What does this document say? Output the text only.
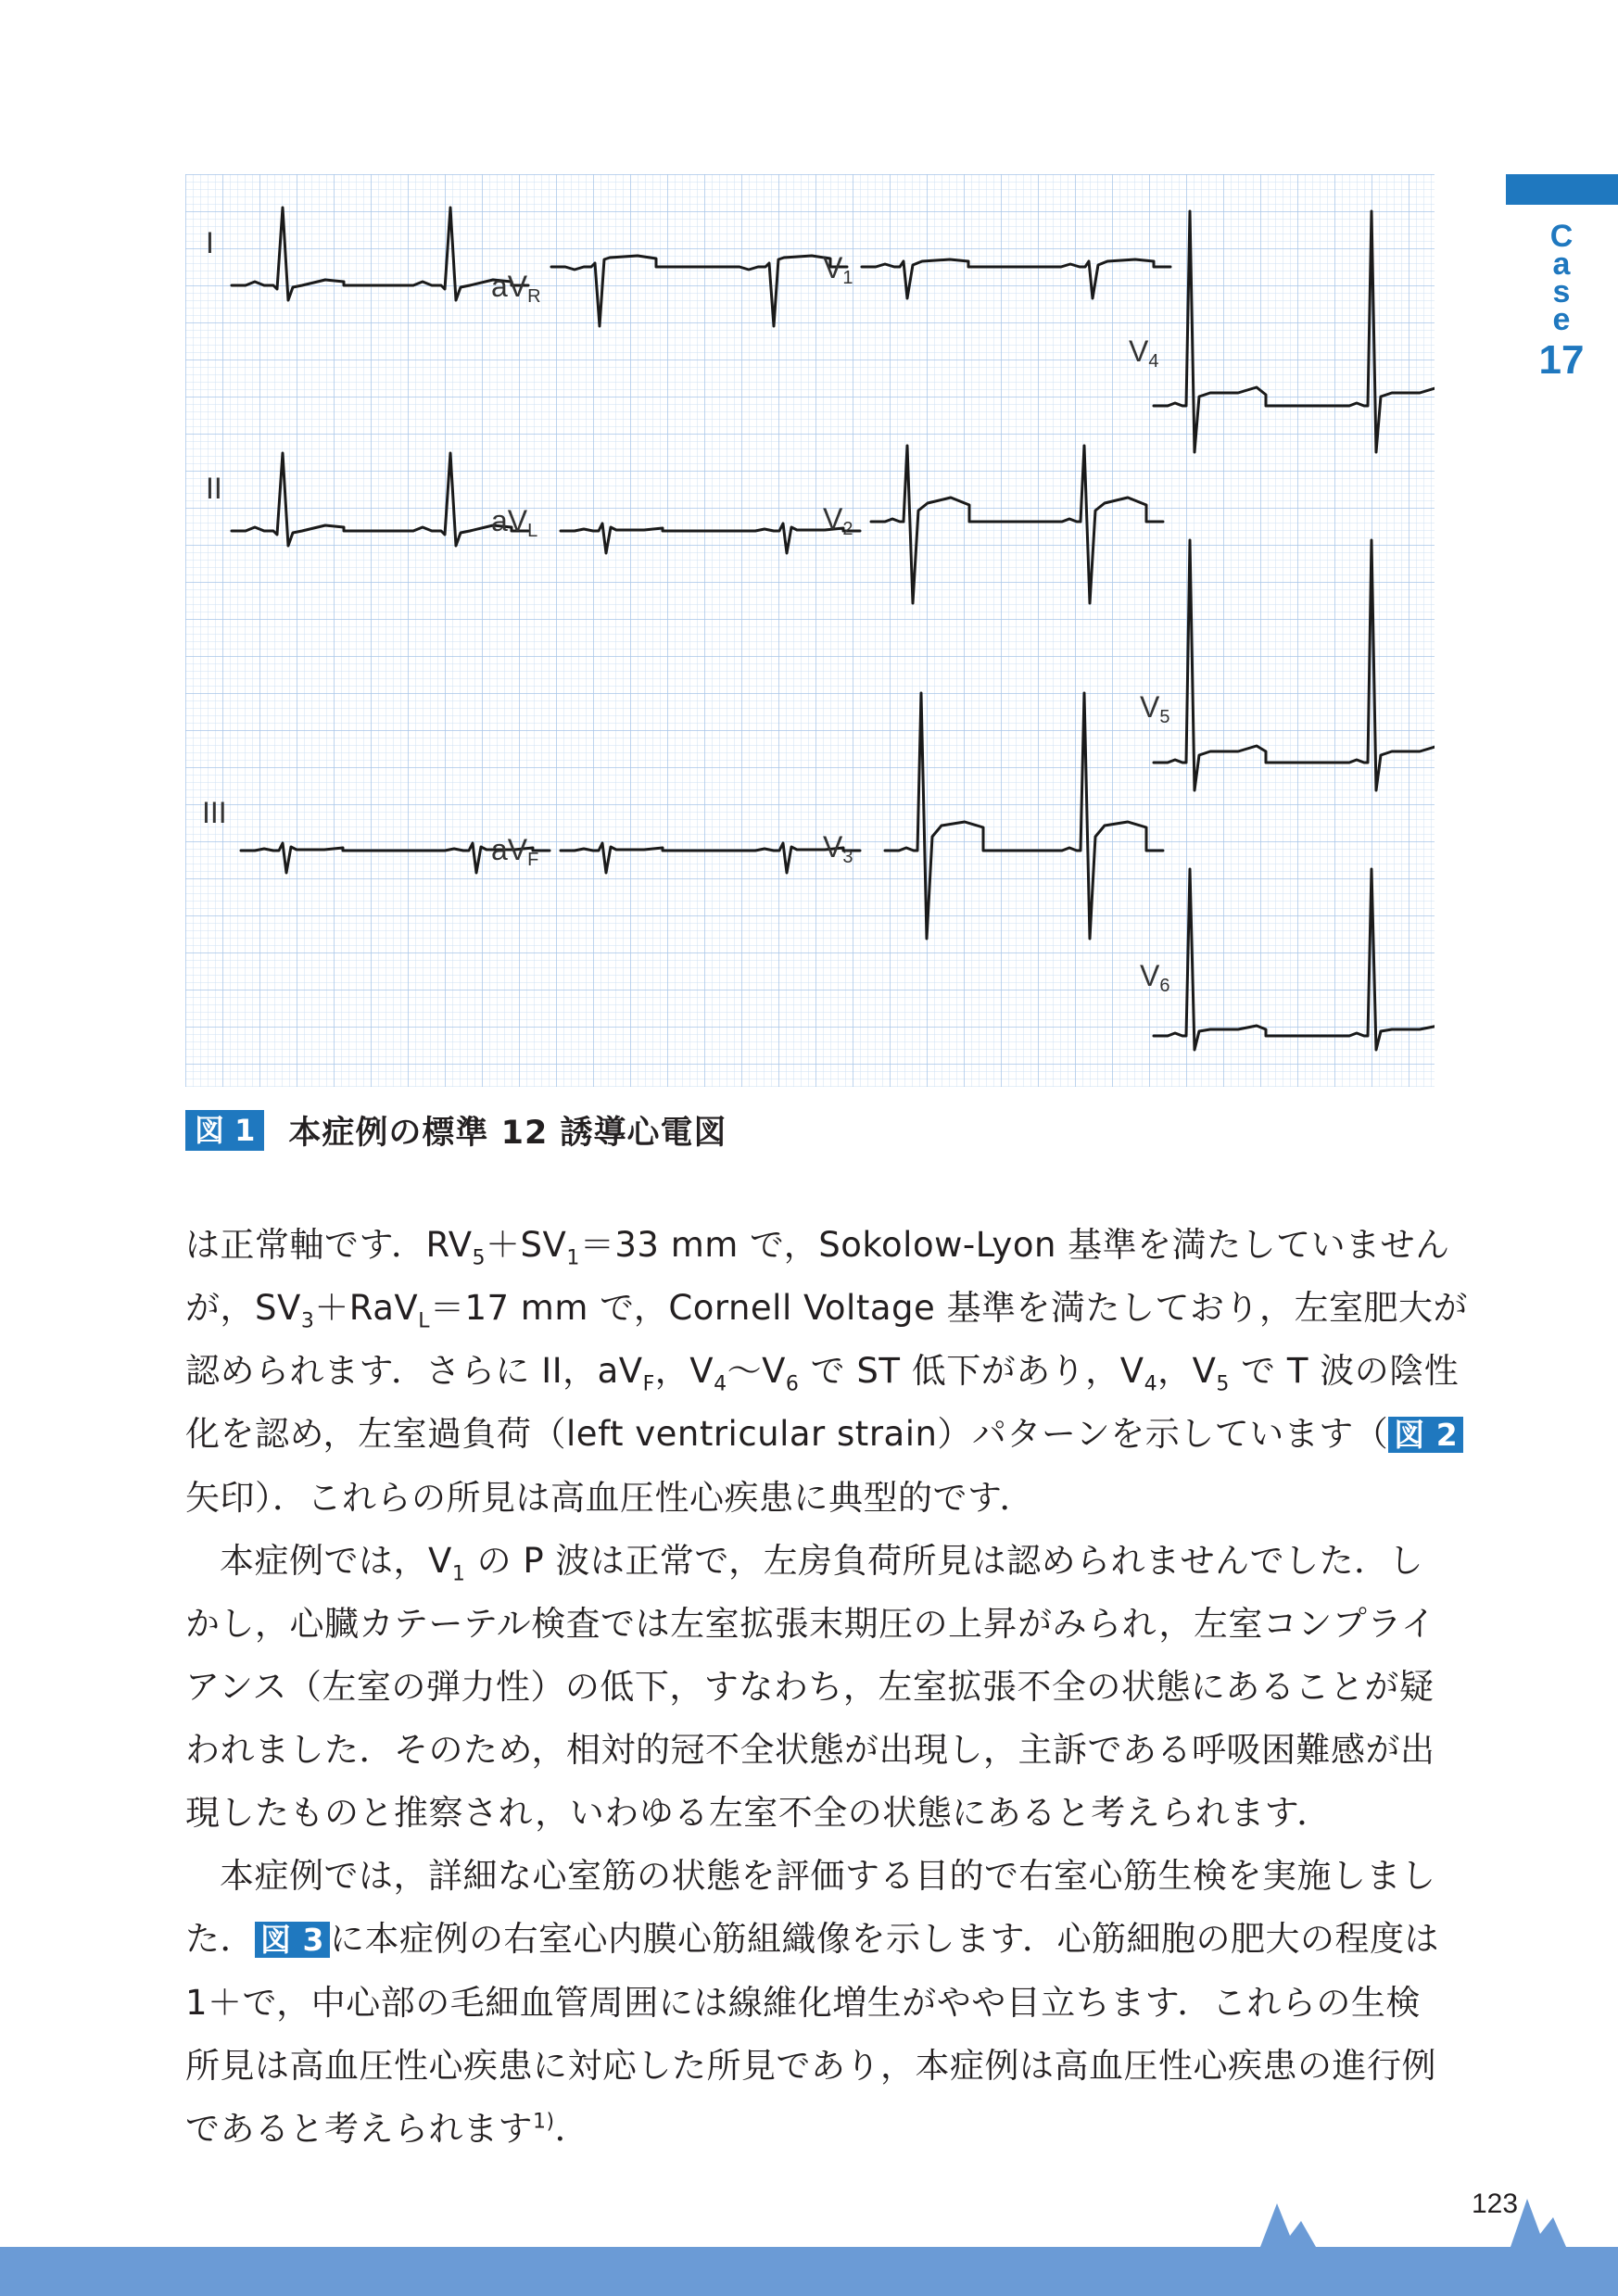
C
a
s
e
17
I
II
III
aVR
aVL
aVF
V1
V2
V3
V4
V5
V6
図 1 本症例の標準 12 誘導心電図

は正常軸です．$RV_5+SV_1=33$ mm で，Sokolow-Lyon 基準を満たしていません
が，$SV_3+RaV_L=17$ mm で，Cornell Voltage 基準を満たしており，左室肥大が
認められます．さらに II，$aV_F$，$V_4$〜$V_6$ で ST 低下があり，$V_4$，$V_5$ で T 波の陰性
化を認め，左室過負荷（left ventricular strain）パターンを示しています（ 図 2
矢印）．これらの所見は高血圧性心疾患に典型的です．

本症例では，$V_1$ の P 波は正常で，左房負荷所見は認められませんでした．し
かし，心臓カテーテル検査では左室拡張末期圧の上昇がみられ，左室コンプライ
アンス（左室の弾力性）の低下，すなわち，左室拡張不全の状態にあることが疑
われました．そのため，相対的冠不全状態が出現し，主訴である呼吸困難感が出
現したものと推察され，いわゆる左室不全の状態にあると考えられます．

本症例では，詳細な心室筋の状態を評価する目的で右室心筋生検を実施しまし
た． 図 3 に本症例の右室心内膜心筋組織像を示します．心筋細胞の肥大の程度は
1＋で，中心部の毛細血管周囲には線維化増生がやや目立ちます．これらの生検
所見は高血圧性心疾患に対応した所見であり，本症例は高血圧性心疾患の進行例
であると考えられます$^{1)}$．

123
